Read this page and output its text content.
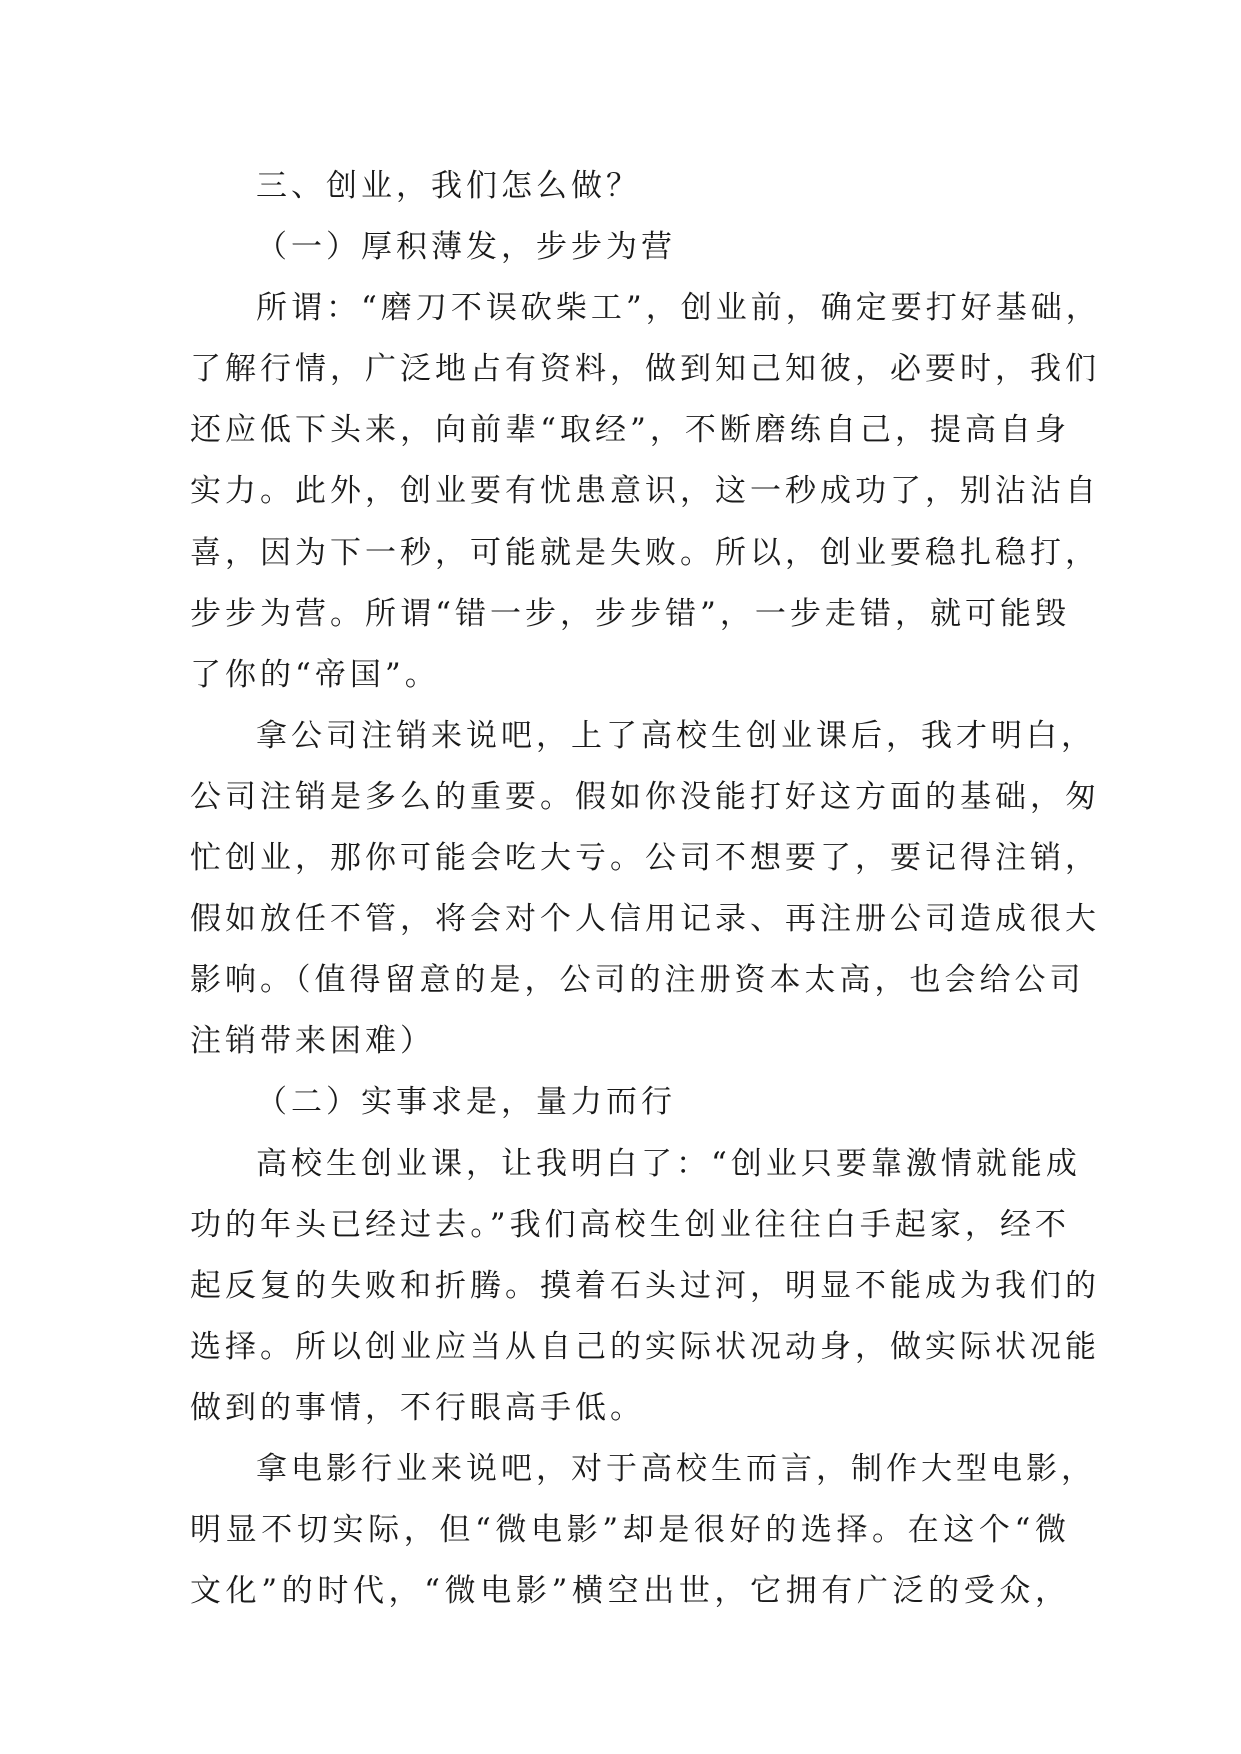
三、创业，我们怎么做？
（一）厚积薄发，步步为营
所谓：“磨刀不误砍柴工”，创业前，确定要打好基础，
了解行情，广泛地占有资料，做到知己知彼，必要时，我们
还应低下头来，向前辈“取经”，不断磨练自己，提高自身
实力。此外，创业要有忧患意识，这一秒成功了，别沾沾自
喜，因为下一秒，可能就是失败。所以，创业要稳扎稳打，
步步为营。所谓“错一步，步步错”，一步走错，就可能毁
了你的“帝国”。
拿公司注销来说吧，上了高校生创业课后，我才明白，
公司注销是多么的重要。假如你没能打好这方面的基础，匆
忙创业，那你可能会吃大亏。公司不想要了，要记得注销，
假如放任不管，将会对个人信用记录、再注册公司造成很大
影响。（值得留意的是，公司的注册资本太高，也会给公司
注销带来困难）
（二）实事求是，量力而行
高校生创业课，让我明白了：“创业只要靠激情就能成
功的年头已经过去。”我们高校生创业往往白手起家，经不
起反复的失败和折腾。摸着石头过河，明显不能成为我们的
选择。所以创业应当从自己的实际状况动身，做实际状况能
做到的事情，不行眼高手低。
拿电影行业来说吧，对于高校生而言，制作大型电影，
明显不切实际，但“微电影”却是很好的选择。在这个“微
文化”的时代，“微电影”横空出世，它拥有广泛的受众，
